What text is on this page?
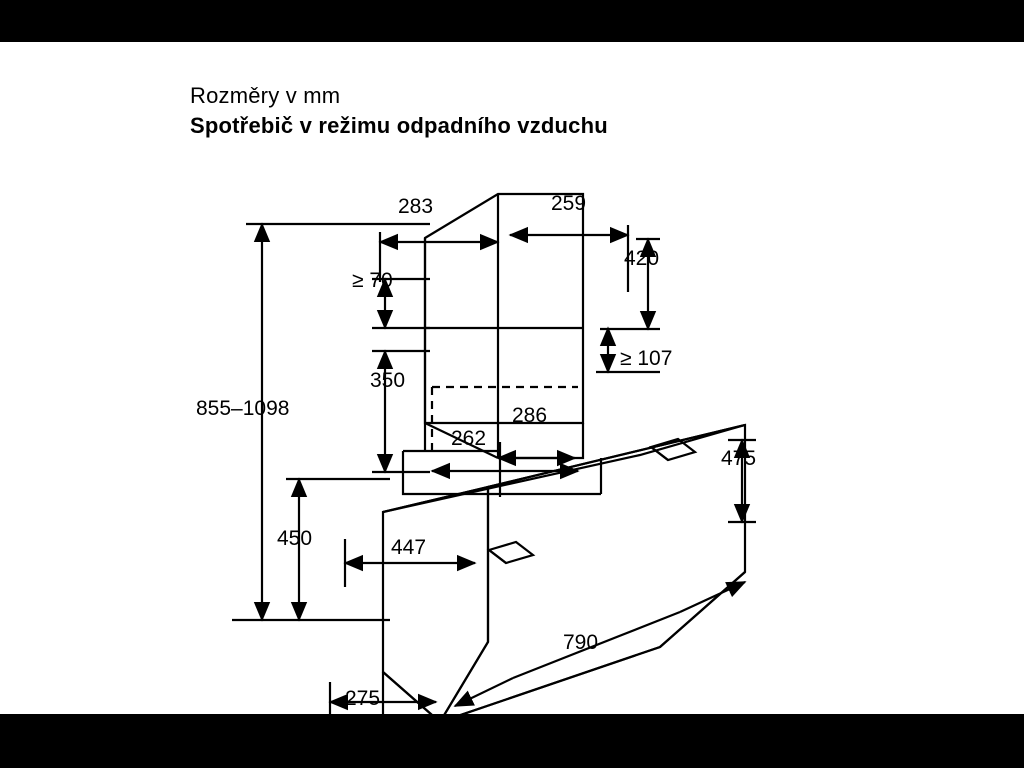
Rozměry v mm
Spotřebič v režimu odpadního vzduchu
855–1098
283	259
420
≥ 70
350
≥ 107
262
286
475
450	447
790
275
